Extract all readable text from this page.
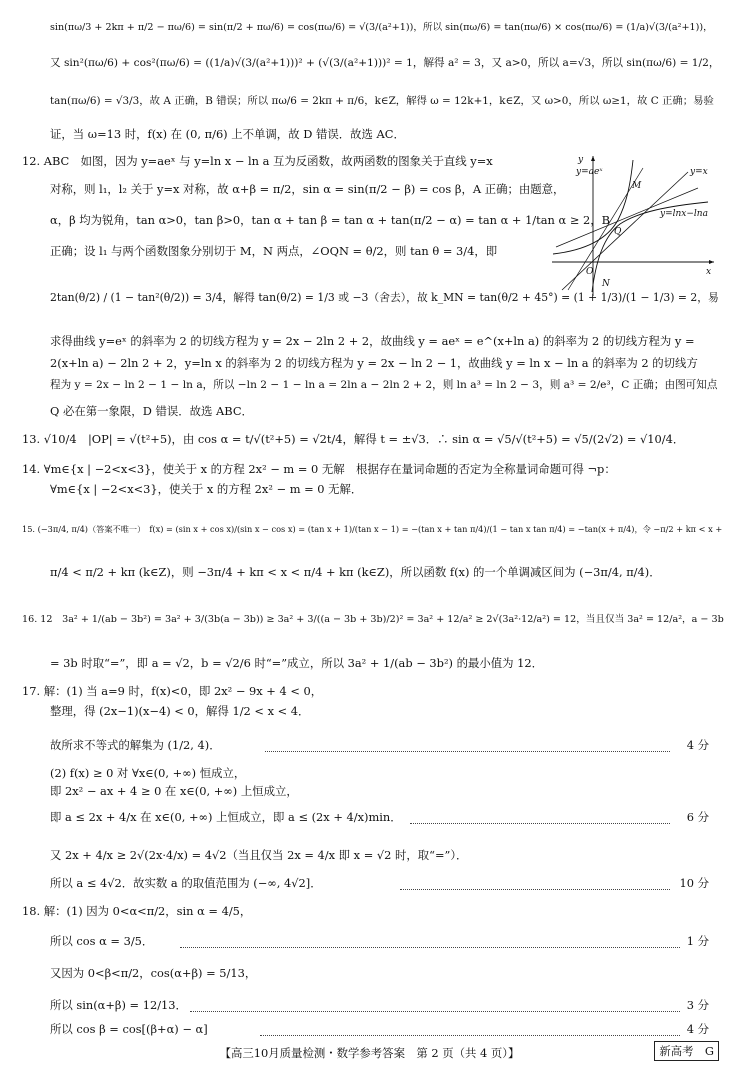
sin(πω/3 + 2kπ + π/2 − πω/6) = sin(π/2 + πω/6) = cos(πω/6) = √(3/(a²+1))，所以 sin(πω/6) = tan(πω/6) × cos(πω/6) = (1/a)√(3/(a²+1))，
又 sin²(πω/6) + cos²(πω/6) = ((1/a)√(3/(a²+1)))² + (√(3/(a²+1)))² = 1，解得 a² = 3，又 a>0，所以 a=√3，所以 sin(πω/6) = 1/2，
tan(πω/6) = √3/3，故 A 正确，B 错误；所以 πω/6 = 2kπ + π/6，k∈Z，解得 ω = 12k+1，k∈Z，又 ω>0，所以 ω≥1，故 C 正确；易验
证，当 ω=13 时，f(x) 在 (0, π/6) 上不单调，故 D 错误．故选 AC．
12. ABC　如图，因为 y=aeˣ 与 y=ln x − ln a 互为反函数，故两函数的图象关于直线 y=x
对称，则 l₁，l₂ 关于 y=x 对称，故 α+β = π/2，sin α = sin(π/2 − β) = cos β，A 正确；由题意，
α，β 均为锐角，tan α>0，tan β>0，tan α + tan β = tan α + tan(π/2 − α) = tan α + 1/tan α ≥ 2，B
正确；设 l₁ 与两个函数图象分别切于 M，N 两点，∠OQN = θ/2，则 tan θ = 3/4，即
2tan(θ/2) / (1 − tan²(θ/2)) = 3/4，解得 tan(θ/2) = 1/3 或 −3（舍去），故 k_MN = tan(θ/2 + 45°) = (1 + 1/3)/(1 − 1/3) = 2，易
求得曲线 y=eˣ 的斜率为 2 的切线方程为 y = 2x − 2ln 2 + 2，故曲线 y = aeˣ = e^(x+ln a) 的斜率为 2 的切线方程为 y =
2(x+ln a) − 2ln 2 + 2，y=ln x 的斜率为 2 的切线方程为 y = 2x − ln 2 − 1，故曲线 y = ln x − ln a 的斜率为 2 的切线方
程为 y = 2x − ln 2 − 1 − ln a，所以 −ln 2 − 1 − ln a = 2ln a − 2ln 2 + 2，则 ln a³ = ln 2 − 3，则 a³ = 2/e³，C 正确；由图可知点
Q 必在第一象限，D 错误．故选 ABC．
13. √10/4　|OP| = √(t²+5)，由 cos α = t/√(t²+5) = √2t/4，解得 t = ±√3．∴ sin α = √5/√(t²+5) = √5/(2√2) = √10/4．
14. ∀m∈{x | −2<x<3}，使关于 x 的方程 2x² − m = 0 无解　根据存在量词命题的否定为全称量词命题可得 ¬p：
∀m∈{x | −2<x<3}，使关于 x 的方程 2x² − m = 0 无解．
15. (−3π/4, π/4)（答案不唯一）　f(x) = (sin x + cos x)/(sin x − cos x) = (tan x + 1)/(tan x − 1) = −(tan x + tan π/4)/(1 − tan x tan π/4) = −tan(x + π/4)，令 −π/2 + kπ < x +
π/4 < π/2 + kπ (k∈Z)，则 −3π/4 + kπ < x < π/4 + kπ (k∈Z)，所以函数 f(x) 的一个单调减区间为 (−3π/4, π/4)．
16. 12　3a² + 1/(ab − 3b²) = 3a² + 3/(3b(a − 3b)) ≥ 3a² + 3/((a − 3b + 3b)/2)² = 3a² + 12/a² ≥ 2√(3a²·12/a²) = 12，当且仅当 3a² = 12/a²，a − 3b
= 3b 时取“=”，即 a = √2，b = √2/6 时“=”成立，所以 3a² + 1/(ab − 3b²) 的最小值为 12．
17. 解：(1) 当 a=9 时，f(x)<0，即 2x² − 9x + 4 < 0，
整理，得 (2x−1)(x−4) < 0，解得 1/2 < x < 4．
故所求不等式的解集为 (1/2, 4)．	4 分
(2) f(x) ≥ 0 对 ∀x∈(0, +∞) 恒成立，
即 2x² − ax + 4 ≥ 0 在 x∈(0, +∞) 上恒成立，
即 a ≤ 2x + 4/x 在 x∈(0, +∞) 上恒成立，即 a ≤ (2x + 4/x)min．	6 分
又 2x + 4/x ≥ 2√(2x·4/x) = 4√2（当且仅当 2x = 4/x 即 x = √2 时，取“=”）．
所以 a ≤ 4√2．故实数 a 的取值范围为 (−∞, 4√2]．	10 分
18. 解：(1) 因为 0<α<π/2，sin α = 4/5，
所以 cos α = 3/5．	1 分
又因为 0<β<π/2，cos(α+β) = 5/13，
所以 sin(α+β) = 12/13．	3 分
所以 cos β = cos[(β+α) − α]	4 分
y=aeˣ
y
y=x
y=lnx−lna
x
O
M
Q
N
【高三10月质量检测・数学参考答案　第 2 页（共 4 页）】	新高考　G
